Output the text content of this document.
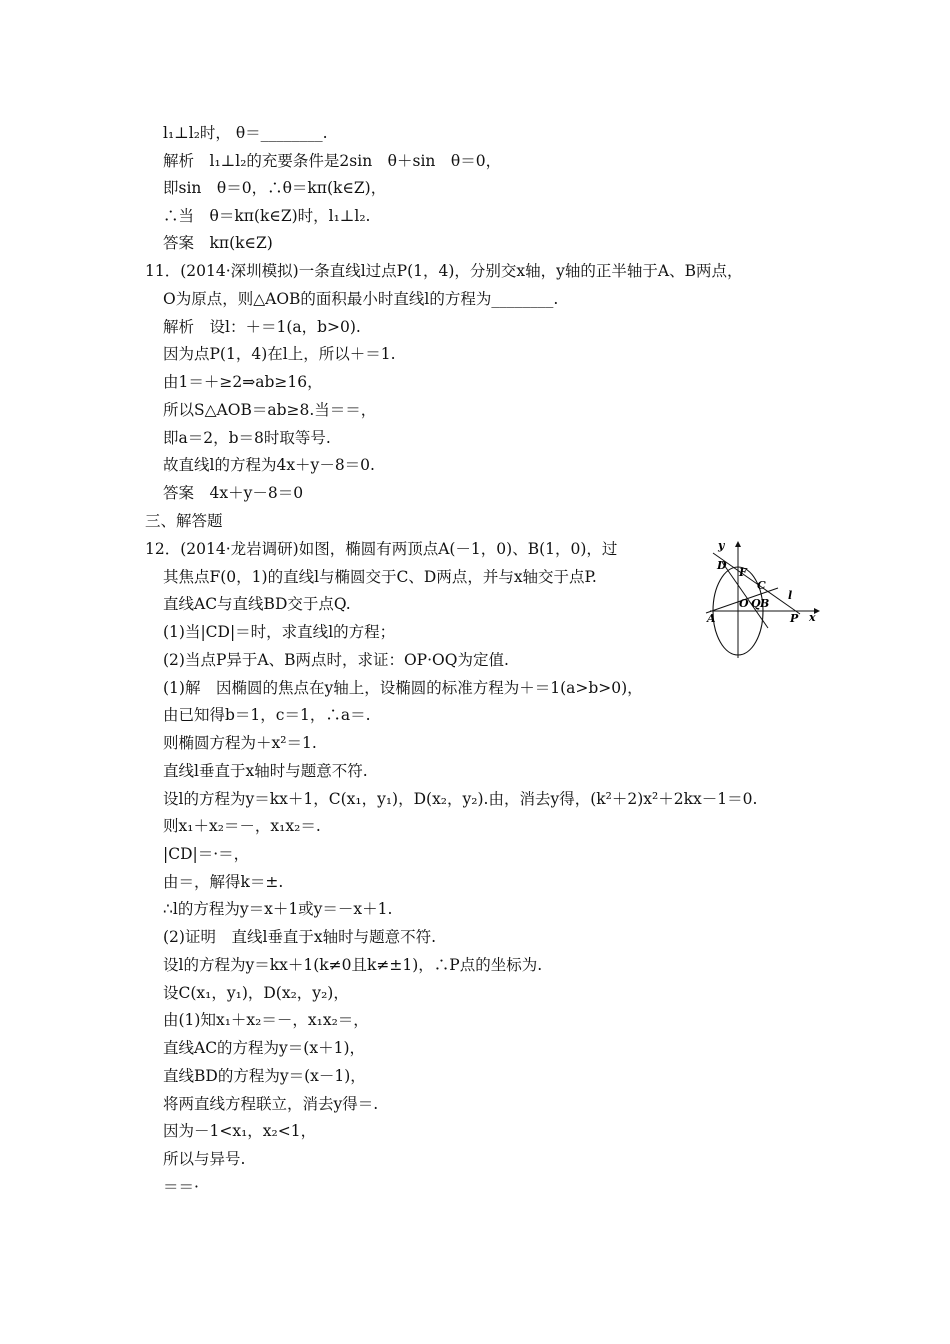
l₁⊥l₂时， θ＝________.
解析　l₁⊥l₂的充要条件是2sin　θ＋sin　θ＝0，
即sin　θ＝0，∴θ＝kπ(k∈Z)，
∴当　θ＝kπ(k∈Z)时，l₁⊥l₂.
答案　kπ(k∈Z)
11．(2014·深圳模拟)一条直线l过点P(1，4)，分别交x轴，y轴的正半轴于A、B两点，
O为原点，则△AOB的面积最小时直线l的方程为________.
解析　设l：＋＝1(a，b>0).
因为点P(1，4)在l上，所以＋＝1.
由1＝＋≥2⇒ab≥16，
所以S△AOB＝ab≥8.当＝＝，
即a＝2，b＝8时取等号.
故直线l的方程为4x＋y－8＝0.
答案　4x＋y－8＝0
三、解答题
12．(2014·龙岩调研)如图，椭圆有两顶点A(－1，0)、B(1，0)，过
其焦点F(0，1)的直线l与椭圆交于C、D两点，并与x轴交于点P.
直线AC与直线BD交于点Q.
(1)当|CD|＝时，求直线l的方程；
(2)当点P异于A、B两点时，求证：OP·OQ为定值.
(1)解　因椭圆的焦点在y轴上，设椭圆的标准方程为＋＝1(a>b>0)，
由已知得b＝1，c＝1，∴a＝.
则椭圆方程为＋x²＝1.
直线l垂直于x轴时与题意不符.
设l的方程为y＝kx＋1，C(x₁，y₁)，D(x₂，y₂).由，消去y得，(k²＋2)x²＋2kx－1＝0.
则x₁＋x₂＝－，x₁x₂＝.
|CD|＝·＝，
由＝，解得k＝±.
∴l的方程为y＝x＋1或y＝－x＋1.
(2)证明　直线l垂直于x轴时与题意不符.
设l的方程为y＝kx＋1(k≠0且k≠±1)，∴P点的坐标为.
设C(x₁，y₁)，D(x₂，y₂)，
由(1)知x₁＋x₂＝－，x₁x₂＝，
直线AC的方程为y＝(x＋1)，
直线BD的方程为y＝(x－1)，
将两直线方程联立，消去y得＝.
因为－1<x₁，x₂<1，
所以与异号.
＝＝·
y
x
D
F
C
O Q B
l
A	P
